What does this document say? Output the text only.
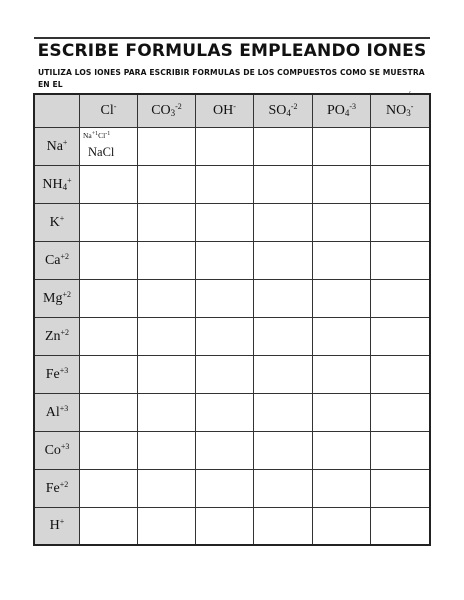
ESCRIBE FORMULAS EMPLEANDO IONES
UTILIZA LOS IONES PARA ESCRIBIR FORMULAS DE LOS COMPUESTOS COMO SE MUESTRA EN EL
	Cl-	$CO_3^{-2}$	OH-	$SO_4^{-2}$	$PO_4^{-3}$	$NO_3^-$
Na+	$Na^{+1}Cl^{-1}$
NaCl					

$NH_4^+$						
K+						
$Ca^{+2}$						
$Mg^{+2}$						
$Zn^{+2}$						
$Fe^{+3}$						
$Al^{+3}$						
$Co^{+3}$						
$Fe^{+2}$						
H+						
